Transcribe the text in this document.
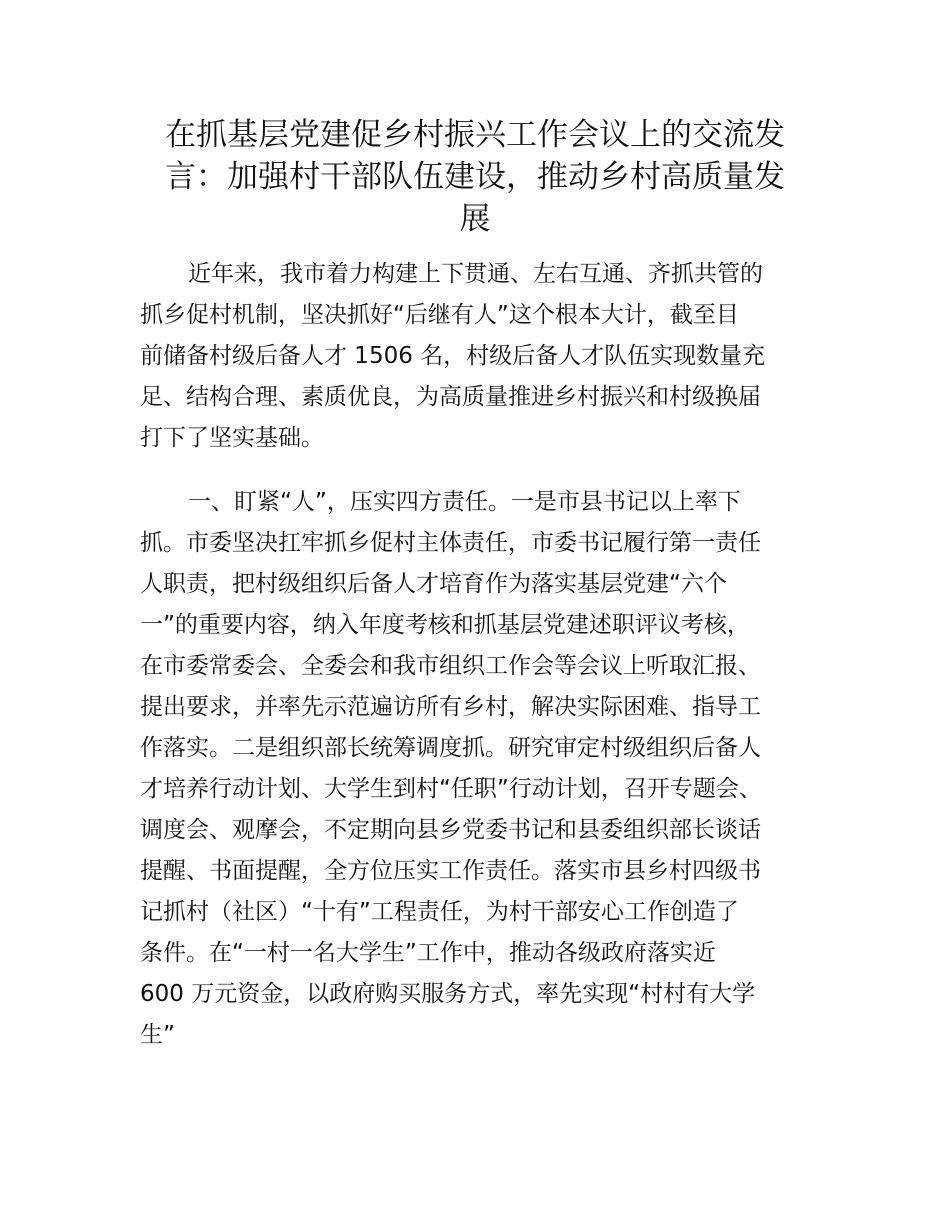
在抓基层党建促乡村振兴工作会议上的交流发
言：加强村干部队伍建设，推动乡村高质量发
展
近年来，我市着力构建上下贯通、左右互通、齐抓共管的
抓乡促村机制，坚决抓好“后继有人”这个根本大计，截至目
前储备村级后备人才 1506 名，村级后备人才队伍实现数量充
足、结构合理、素质优良，为高质量推进乡村振兴和村级换届
打下了坚实基础。
一、盯紧“人”，压实四方责任。一是市县书记以上率下
抓。市委坚决扛牢抓乡促村主体责任，市委书记履行第一责任
人职责，把村级组织后备人才培育作为落实基层党建“六个
一”的重要内容，纳入年度考核和抓基层党建述职评议考核，
在市委常委会、全委会和我市组织工作会等会议上听取汇报、
提出要求，并率先示范遍访所有乡村，解决实际困难、指导工
作落实。二是组织部长统筹调度抓。研究审定村级组织后备人
才培养行动计划、大学生到村“任职”行动计划，召开专题会、
调度会、观摩会，不定期向县乡党委书记和县委组织部长谈话
提醒、书面提醒，全方位压实工作责任。落实市县乡村四级书
记抓村（社区）“十有”工程责任，为村干部安心工作创造了
条件。在“一村一名大学生”工作中，推动各级政府落实近
600 万元资金，以政府购买服务方式，率先实现“村村有大学
生”
